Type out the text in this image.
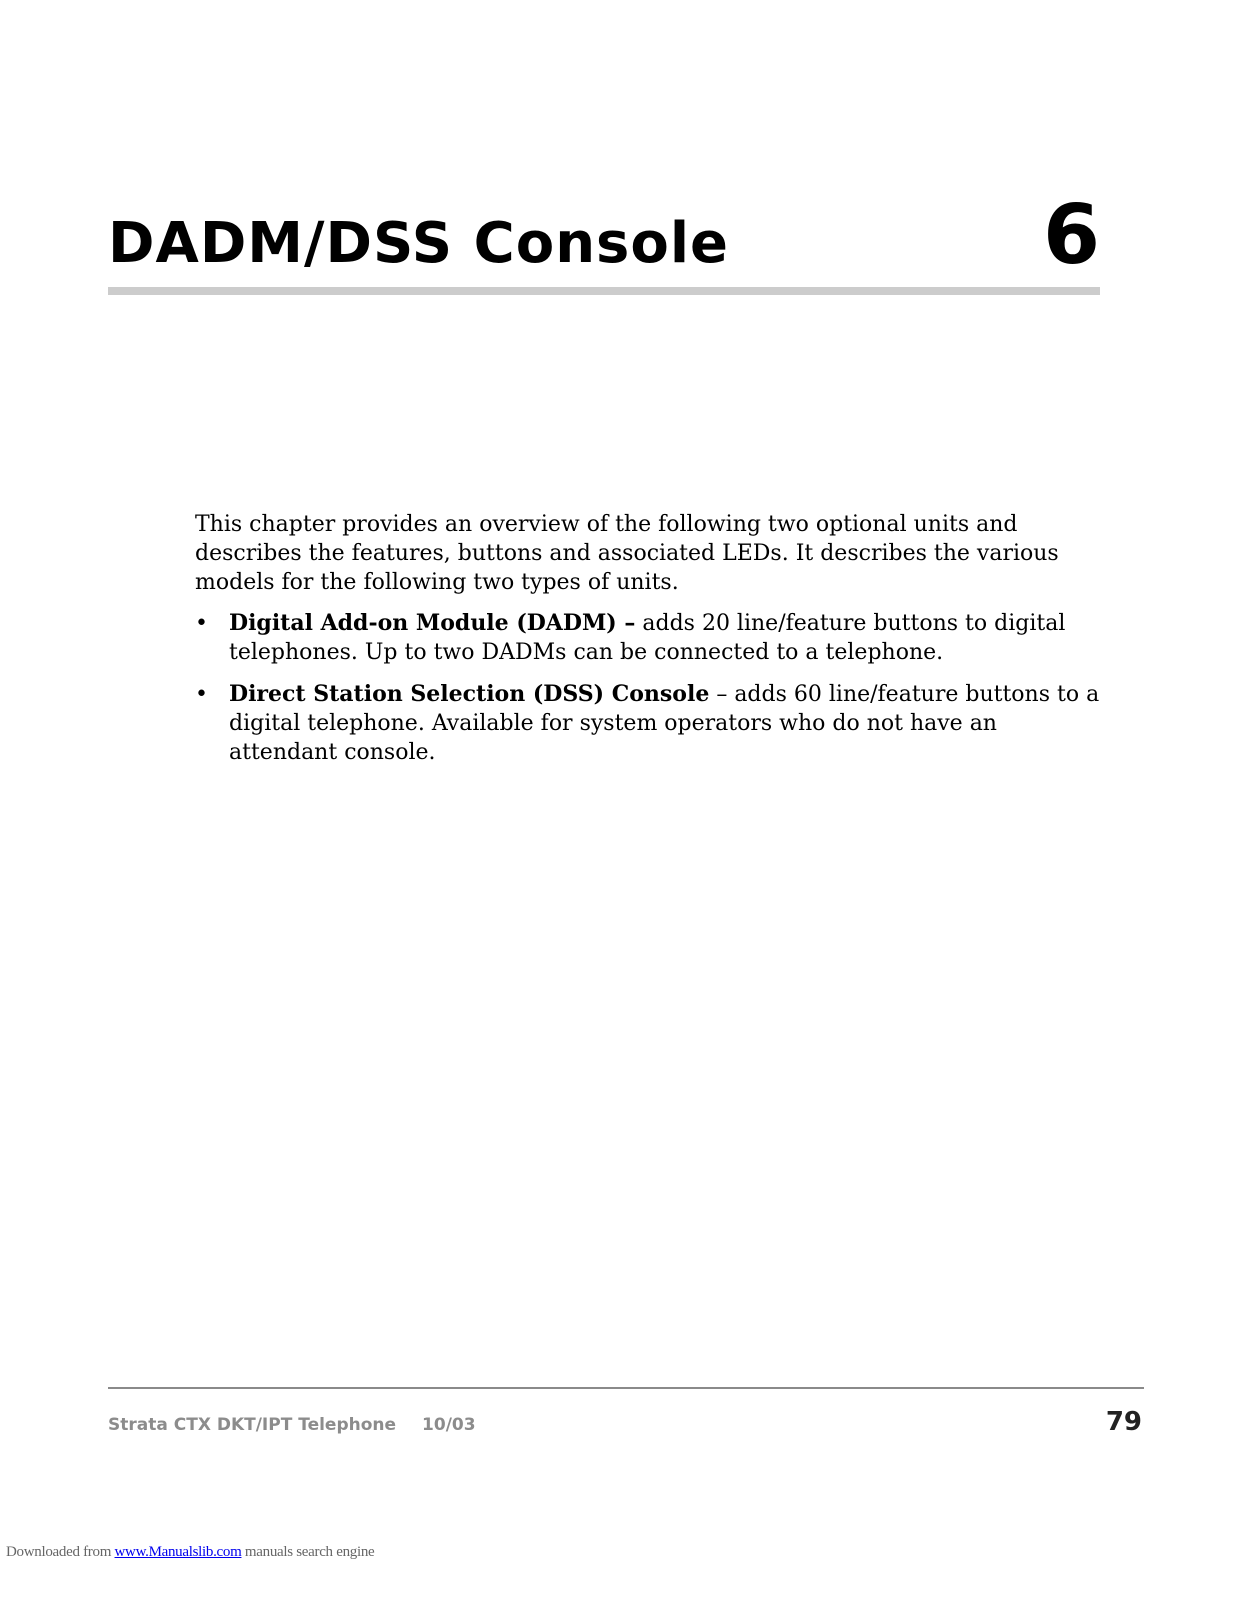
DADM/DSS Console	6

This chapter provides an overview of the following two optional units and describes the features, buttons and associated LEDs. It describes the various models for the following two types of units.

• Digital Add-on Module (DADM) – adds 20 line/feature buttons to digital telephones. Up to two DADMs can be connected to a telephone.
• Direct Station Selection (DSS) Console – adds 60 line/feature buttons to a digital telephone. Available for system operators who do not have an attendant console.
Strata CTX DKT/IPT Telephone 10/03	79
Downloaded from www.Manualslib.com manuals search engine
